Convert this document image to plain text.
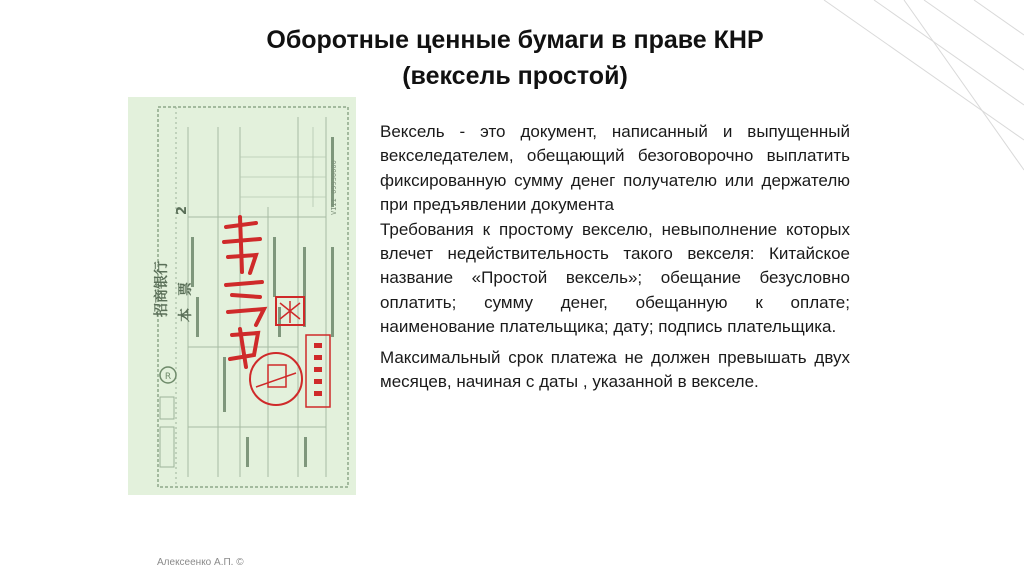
Оборотные ценные бумаги в праве КНР
(вексель простой)
R
招商银行 本票
2	VIII 09930000

Вексель - это документ, написанный и выпущенный векселедателем, обещающий безоговорочно выплатить фиксированную сумму денег получателю или держателю при предъявлении документа

Требования к простому векселю, невыполнение которых влечет недействительность такого векселя: Китайское название «Простой вексель»; обещание безусловно оплатить; сумму денег, обещанную к оплате; наименование плательщика; дату; подпись плательщика.

Максимальный срок платежа не должен превышать двух месяцев, начиная с даты , указанной в векселе.

Алексеенко А.П. ©
